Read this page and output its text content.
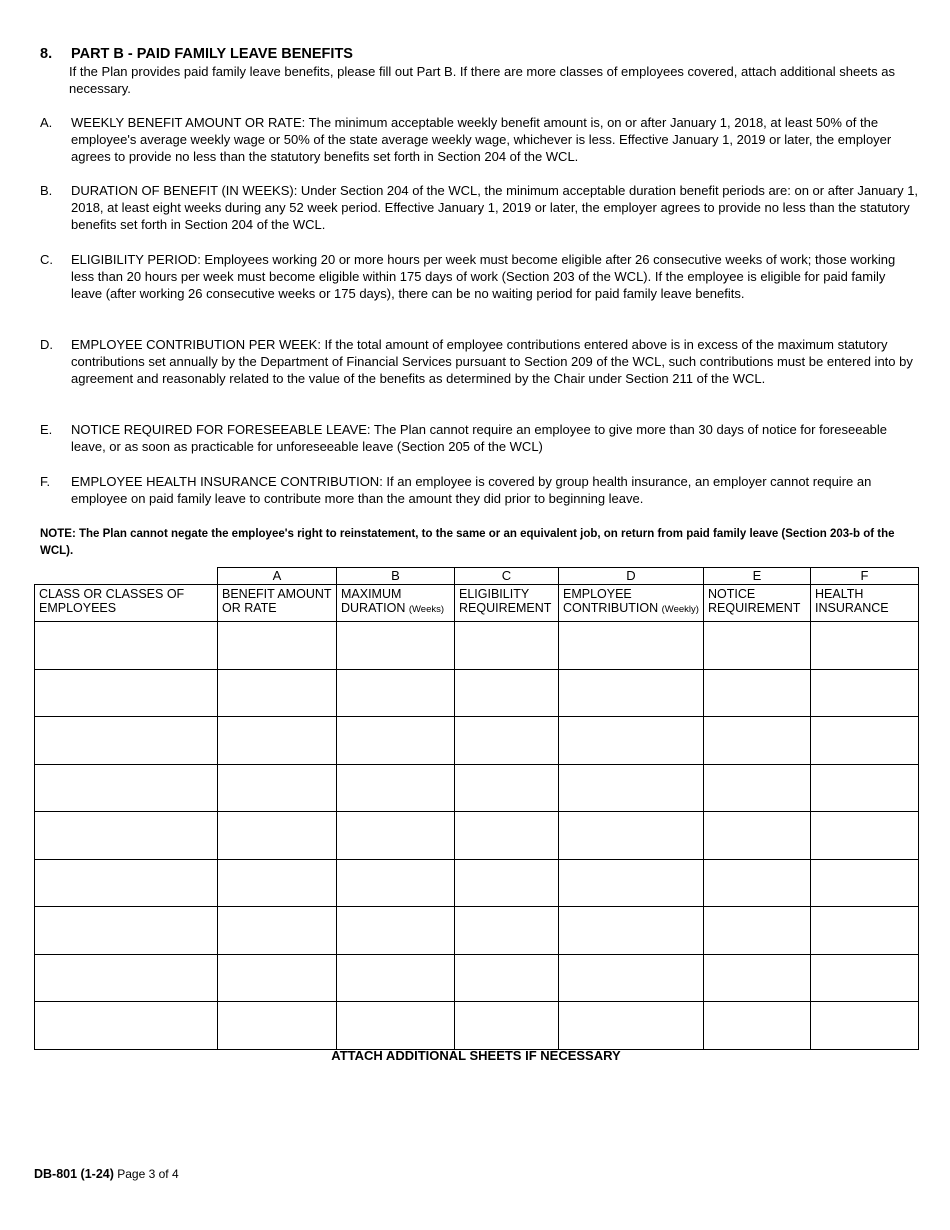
8. PART B - PAID FAMILY LEAVE BENEFITS
If the Plan provides paid family leave benefits, please fill out Part B. If there are more classes of employees covered, attach additional sheets as necessary.
A. WEEKLY BENEFIT AMOUNT OR RATE: The minimum acceptable weekly benefit amount is, on or after January 1, 2018, at least 50% of the employee's average weekly wage or 50% of the state average weekly wage, whichever is less. Effective January 1, 2019 or later, the employer agrees to provide no less than the statutory benefits set forth in Section 204 of the WCL.
B. DURATION OF BENEFIT (IN WEEKS): Under Section 204 of the WCL, the minimum acceptable duration benefit periods are: on or after January 1, 2018, at least eight weeks during any 52 week period. Effective January 1, 2019 or later, the employer agrees to provide no less than the statutory benefits set forth in Section 204 of the WCL.
C. ELIGIBILITY PERIOD: Employees working 20 or more hours per week must become eligible after 26 consecutive weeks of work; those working less than 20 hours per week must become eligible within 175 days of work (Section 203 of the WCL). If the employee is eligible for paid family leave (after working 26 consecutive weeks or 175 days), there can be no waiting period for paid family leave benefits.
D. EMPLOYEE CONTRIBUTION PER WEEK: If the total amount of employee contributions entered above is in excess of the maximum statutory contributions set annually by the Department of Financial Services pursuant to Section 209 of the WCL, such contributions must be entered into by agreement and reasonably related to the value of the benefits as determined by the Chair under Section 211 of the WCL.
E. NOTICE REQUIRED FOR FORESEEABLE LEAVE: The Plan cannot require an employee to give more than 30 days of notice for foreseeable leave, or as soon as practicable for unforeseeable leave (Section 205 of the WCL)
F. EMPLOYEE HEALTH INSURANCE CONTRIBUTION: If an employee is covered by group health insurance, an employer cannot require an employee on paid family leave to contribute more than the amount they did prior to beginning leave.
NOTE: The Plan cannot negate the employee's right to reinstatement, to the same or an equivalent job, on return from paid family leave (Section 203-b of the WCL).
	A	B	C	D	E	F
CLASS OR CLASSES OF EMPLOYEES	BENEFIT AMOUNT OR RATE	MAXIMUM DURATION (Weeks)	ELIGIBILITY REQUIREMENT	EMPLOYEE CONTRIBUTION (Weekly)	NOTICE REQUIREMENT	HEALTH INSURANCE

ATTACH ADDITIONAL SHEETS IF NECESSARY
DB-801 (1-24) Page 3 of 4
